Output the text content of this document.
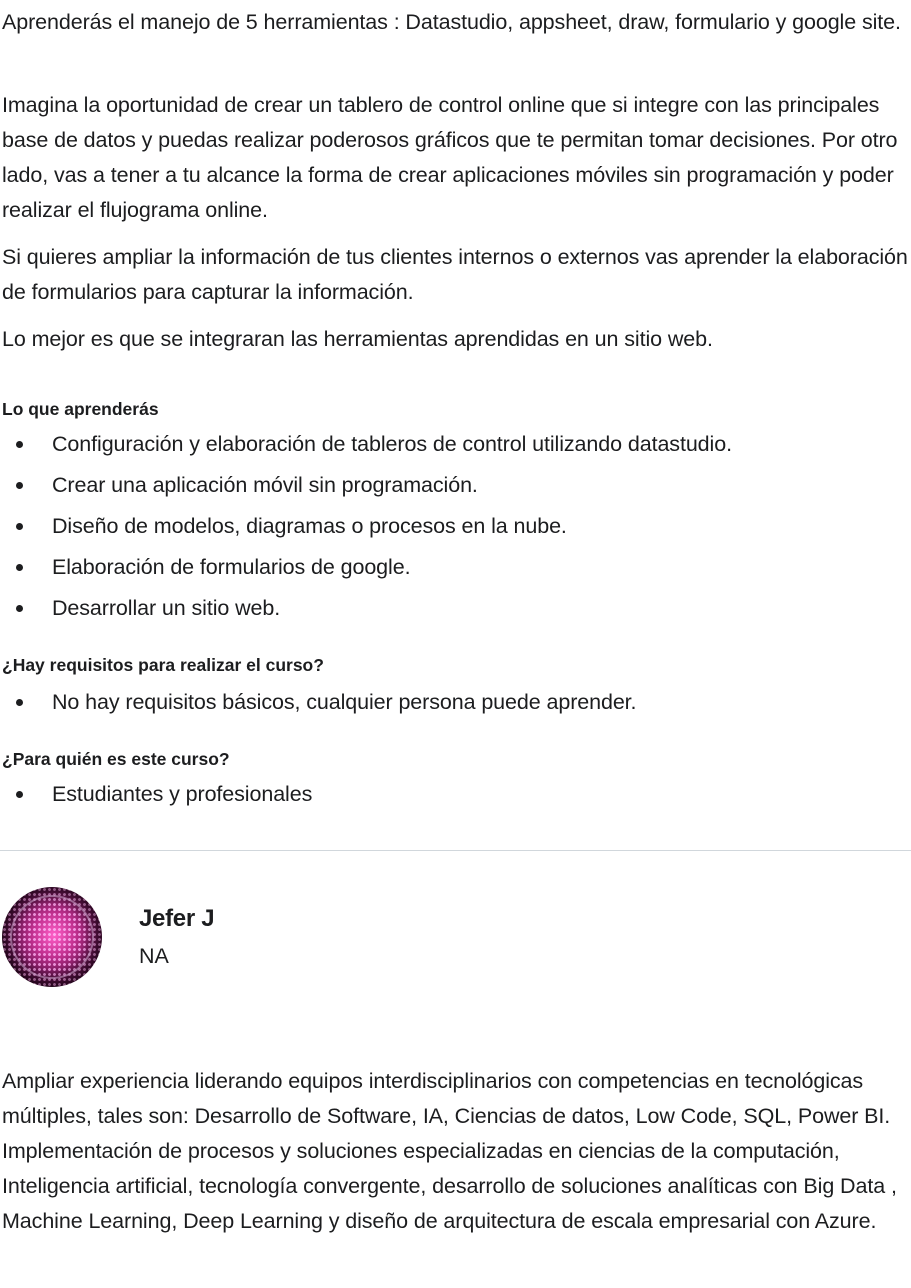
Aprenderás el manejo de 5 herramientas : Datastudio, appsheet, draw, formulario y google site.

Imagina la oportunidad de crear un tablero de control online que si integre con las principales base de datos y puedas realizar poderosos gráficos que te permitan tomar decisiones. Por otro lado, vas a tener a tu alcance la forma de crear aplicaciones móviles sin programación y poder realizar el flujograma online.

Si quieres ampliar la información de tus clientes internos o externos vas aprender la elaboración de formularios para capturar la información.

Lo mejor es que se integraran las herramientas aprendidas en un sitio web.

Lo que aprenderás
Configuración y elaboración de tableros de control utilizando datastudio.
Crear una aplicación móvil sin programación.
Diseño de modelos, diagramas o procesos en la nube.
Elaboración de formularios de google.
Desarrollar un sitio web.
¿Hay requisitos para realizar el curso?
No hay requisitos básicos, cualquier persona puede aprender.
¿Para quién es este curso?
Estudiantes y profesionales

Jefer J

NA

Ampliar experiencia liderando equipos interdisciplinarios con competencias en tecnológicas múltiples, tales son: Desarrollo de Software, IA, Ciencias de datos, Low Code, SQL, Power BI. Implementación de procesos y soluciones especializadas en ciencias de la computación, Inteligencia artificial, tecnología convergente, desarrollo de soluciones analíticas con Big Data , Machine Learning, Deep Learning y diseño de arquitectura de escala empresarial con Azure.
